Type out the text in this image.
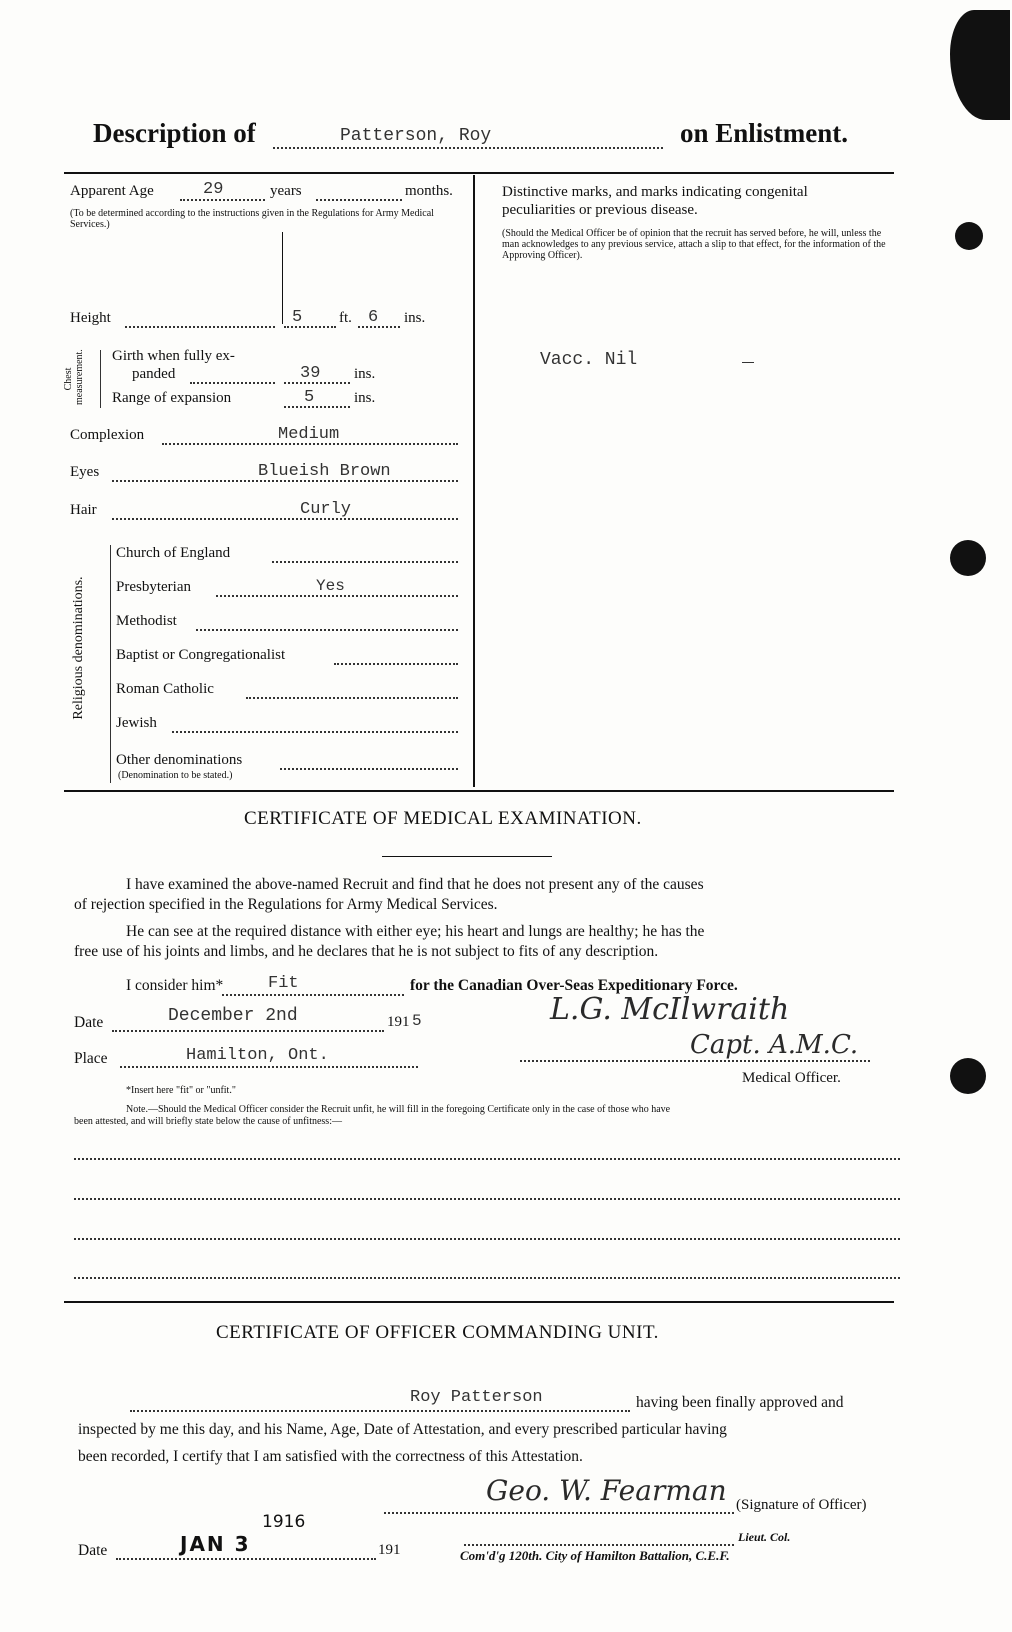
Description of	Patterson, Roy	on Enlistment.
Apparent Age	29	years	months.
(To be determined according to the instructions given in the Regulations for Army Medical Services.)
Height	5 ft. 6 ins.
Chest measurement. Girth when fully ex-
panded	39 ins.
Range of expansion	5	ins.
Complexion	Medium
Eyes	Blueish Brown
Hair	Curly
Religious denominations.
Church of England
Presbyterian	Yes
Methodist
Baptist or Congregationalist
Roman Catholic
Jewish
Other denominations
(Denomination to be stated.)
Distinctive marks, and marks indicating congenital
peculiarities or previous disease.
(Should the Medical Officer be of opinion that the recruit has served before, he will, unless the man acknowledges to any previous service, attach a slip to that effect, for the information of the Approving Officer).
Vacc. Nil
CERTIFICATE OF MEDICAL EXAMINATION.
I have examined the above-named Recruit and find that he does not present any of the causes
of rejection specified in the Regulations for Army Medical Services.
He can see at the required distance with either eye; his heart and lungs are healthy; he has the
free use of his joints and limbs, and he declares that he is not subject to fits of any description.
I consider him*	Fit	for the Canadian Over-Seas Expeditionary Force.
Date	December 2nd	191 5
Place	Hamilton, Ont.
L.G. McIlwraith
Capt. A.M.C.
Medical Officer.
*Insert here "fit" or "unfit."
Note.—Should the Medical Officer consider the Recruit unfit, he will fill in the foregoing Certificate only in the case of those who have
been attested, and will briefly state below the cause of unfitness:—
CERTIFICATE OF OFFICER COMMANDING UNIT.
Roy Patterson	having been finally approved and
inspected by me this day, and his Name, Age, Date of Attestation, and every prescribed particular having
been recorded, I certify that I am satisfied with the correctness of this Attestation.
Geo. W. Fearman (Signature of Officer)
Lieut. Col.
Com'd'g 120th. City of Hamilton Battalion, C.E.F.
Date	JAN 3
1916
191
